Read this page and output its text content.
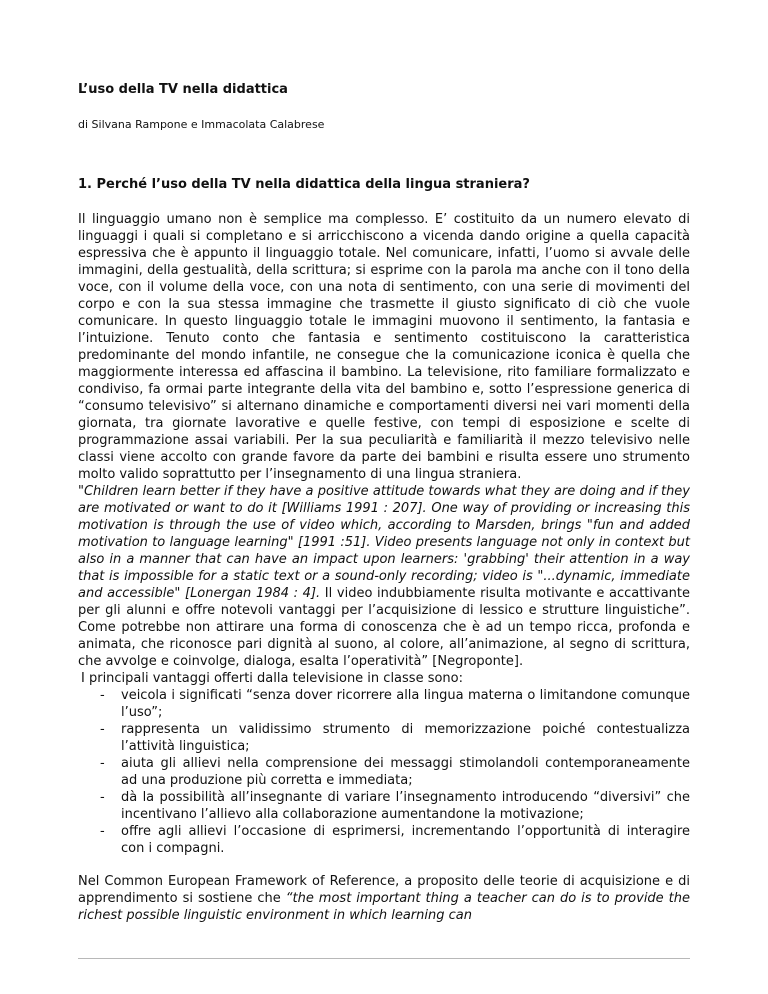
L’uso della TV nella didattica
di Silvana Rampone e Immacolata Calabrese
1. Perché l’uso della TV nella didattica della lingua straniera?

Il linguaggio umano non è semplice ma complesso. E’ costituito da un numero elevato di linguaggi i quali si completano e si arricchiscono a vicenda dando origine a quella capacità espressiva che è appunto il linguaggio totale. Nel comunicare, infatti, l’uomo si avvale delle immagini, della gestualità, della scrittura; si esprime con la parola ma anche con il tono della voce, con il volume della voce, con una nota di sentimento, con una serie di movimenti del corpo e con la sua stessa immagine che trasmette il giusto significato di ciò che vuole comunicare. In questo linguaggio totale le immagini muovono il sentimento, la fantasia e l’intuizione. Tenuto conto che fantasia e sentimento costituiscono la caratteristica predominante del mondo infantile, ne consegue che la comunicazione iconica è quella che maggiormente interessa ed affascina il bambino. La televisione, rito familiare formalizzato e condiviso, fa ormai parte integrante della vita del bambino e, sotto l’espressione generica di “consumo televisivo” si alternano dinamiche e comportamenti diversi nei vari momenti della giornata, tra giornate lavorative e quelle festive, con tempi di esposizione e scelte di programmazione assai variabili. Per la sua peculiarità e familiarità il mezzo televisivo nelle classi viene accolto con grande favore da parte dei bambini e risulta essere uno strumento molto valido soprattutto per l’insegnamento di una lingua straniera.

"Children learn better if they have a positive attitude towards what they are doing and if they are motivated or want to do it [Williams 1991 : 207]. One way of providing or increasing this motivation is through the use of video which, according to Marsden, brings "fun and added motivation to language learning" [1991 :51]. Video presents language not only in context but also in a manner that can have an impact upon learners: 'grabbing' their attention in a way that is impossible for a static text or a sound-only recording; video is "...dynamic, immediate and accessible" [Lonergan 1984 : 4]. Il video indubbiamente risulta motivante e accattivante per gli alunni e offre notevoli vantaggi per l’acquisizione di lessico e strutture linguistiche”. Come potrebbe non attirare una forma di conoscenza che è ad un tempo ricca, profonda e animata, che riconosce pari dignità al suono, al colore, all’animazione, al segno di scrittura, che avvolge e coinvolge, dialoga, esalta l’operatività” [Negroponte].

I principali vantaggi offerti dalla televisione in classe sono:
- veicola i significati “senza dover ricorrere alla lingua materna o limitandone comunque l’uso”;
- rappresenta un validissimo strumento di memorizzazione poiché contestualizza l’attività linguistica;
- aiuta gli allievi nella comprensione dei messaggi stimolandoli contemporaneamente ad una produzione più corretta e immediata;
- dà la possibilità all’insegnante di variare l’insegnamento introducendo “diversivi” che incentivano l’allievo alla collaborazione aumentandone la motivazione;
- offre agli allievi l’occasione di esprimersi, incrementando l’opportunità di interagire con i compagni.

Nel Common European Framework of Reference, a proposito delle teorie di acquisizione e di apprendimento si sostiene che “the most important thing a teacher can do is to provide the richest possible linguistic environment in which learning can
